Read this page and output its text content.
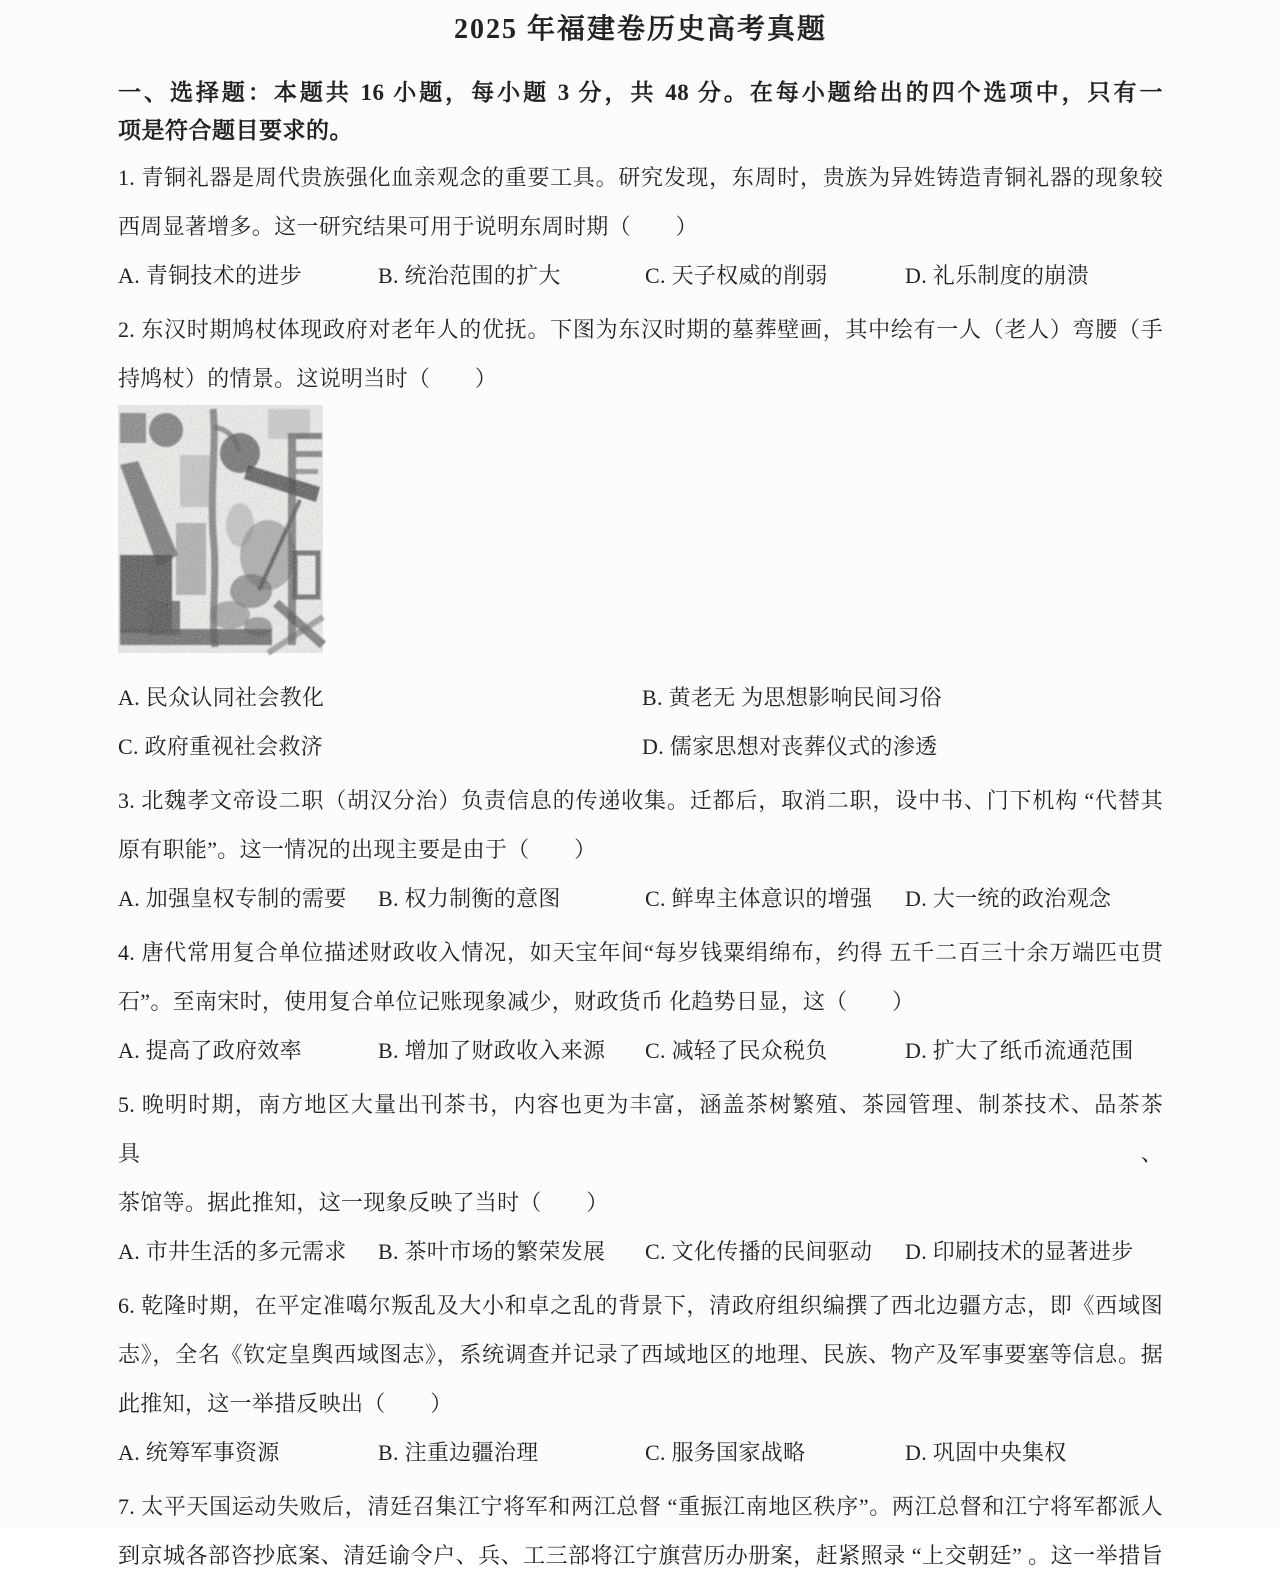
2025 年福建卷历史高考真题
一、选择题：本题共 16 小题，每小题 3 分，共 48 分。在每小题给出的四个选项中，只有一
项是符合题目要求的。
1. 青铜礼器是周代贵族强化血亲观念的重要工具。研究发现，东周时，贵族为异姓铸造青铜礼器的现象较
西周显著增多。这一研究结果可用于说明东周时期（　　）
A. 青铜技术的进步	B. 统治范围的扩大	C. 天子权威的削弱	D. 礼乐制度的崩溃
2. 东汉时期鸠杖体现政府对老年人的优抚。下图为东汉时期的墓葬壁画，其中绘有一人（老人）弯腰（手
持鸠杖）的情景。这说明当时（　　）
A. 民众认同社会教化	B. 黄老无 为思想影响民间习俗
C. 政府重视社会救济	D. 儒家思想对丧葬仪式的渗透
3. 北魏孝文帝设二职（胡汉分治）负责信息的传递收集。迁都后，取消二职，设中书、门下机构 “代替其
原有职能”。这一情况的出现主要是由于（　　）
A. 加强皇权专制的需要	B. 权力制衡的意图	C. 鲜卑主体意识的增强	D. 大一统的政治观念
4. 唐代常用复合单位描述财政收入情况，如天宝年间“每岁钱粟绢绵布，约得 五千二百三十余万端匹屯贯
石”。至南宋时，使用复合单位记账现象减少，财政货币 化趋势日显，这（　　）
A. 提高了政府效率	B. 增加了财政收入来源	C. 减轻了民众税负	D. 扩大了纸币流通范围
5. 晚明时期，南方地区大量出刊茶书，内容也更为丰富，涵盖茶树繁殖、茶园管理、制茶技术、品茶茶具、
茶馆等。据此推知，这一现象反映了当时（　　）
A. 市井生活的多元需求	B. 茶叶市场的繁荣发展	C. 文化传播的民间驱动	D. 印刷技术的显著进步
6. 乾隆时期，在平定准噶尔叛乱及大小和卓之乱的背景下，清政府组织编撰了西北边疆方志，即《西域图
志》，全名《钦定皇舆西域图志》，系统调查并记录了西域地区的地理、民族、物产及军事要塞等信息。据
此推知，这一举措反映出（　　）
A. 统筹军事资源	B. 注重边疆治理	C. 服务国家战略	D. 巩固中央集权
7. 太平天国运动失败后，清廷召集江宁将军和两江总督 “重振江南地区秩序”。两江总督和江宁将军都派人
到京城各部咨抄底案、清廷谕令户、兵、工三部将江宁旗营历办册案，赶紧照录 “上交朝廷” 。这一举措旨
